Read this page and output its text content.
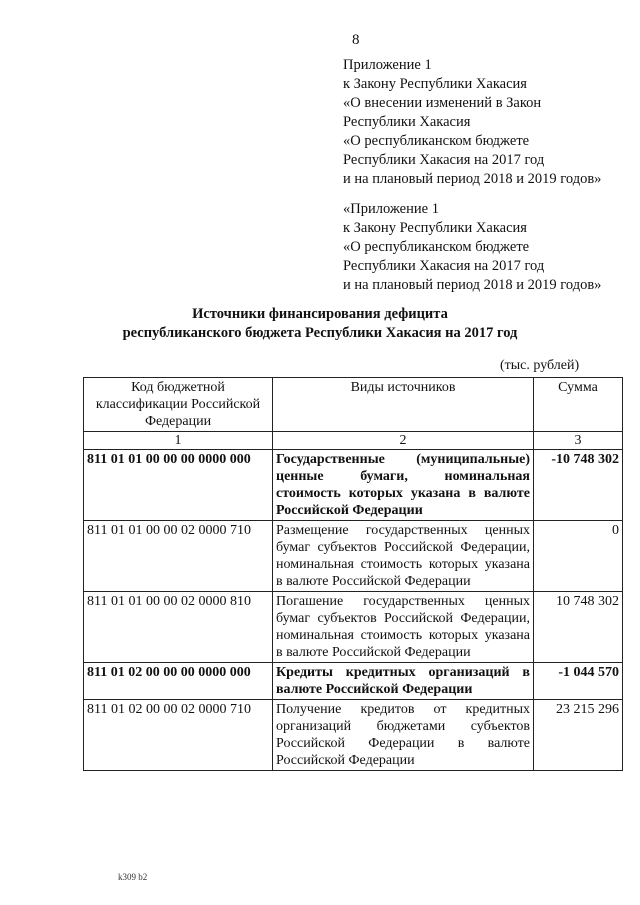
8
Приложение 1
к Закону Республики Хакасия
«О внесении изменений в Закон
Республики Хакасия
«О республиканском бюджете
Республики Хакасия на 2017 год
и на плановый период 2018 и 2019 годов»
«Приложение 1
к Закону Республики Хакасия
«О республиканском бюджете
Республики Хакасия на 2017 год
и на плановый период 2018 и 2019 годов»
Источники финансирования дефицита
республиканского бюджета Республики Хакасия на 2017 год
(тыс. рублей)
Код бюджетной классификации Российской Федерации	Виды источников	Сумма
1	2	3
811 01 01 00 00 00 0000 000	Государственные (муниципальные) ценные бумаги, номинальная стоимость которых указана в валюте Российской Федерации	-10 748 302
811 01 01 00 00 02 0000 710	Размещение государственных ценных бумаг субъектов Российской Федерации, номинальная стоимость которых указана в валюте Российской Федерации	0
811 01 01 00 00 02 0000 810	Погашение государственных ценных бумаг субъектов Российской Федерации, номинальная стоимость которых указана в валюте Российской Федерации	10 748 302
811 01 02 00 00 00 0000 000	Кредиты кредитных организаций в валюте Российской Федерации	-1 044 570
811 01 02 00 00 02 0000 710	Получение кредитов от кредитных организаций бюджетами субъектов Российской Федерации в валюте Российской Федерации	23 215 296
k309 b2
